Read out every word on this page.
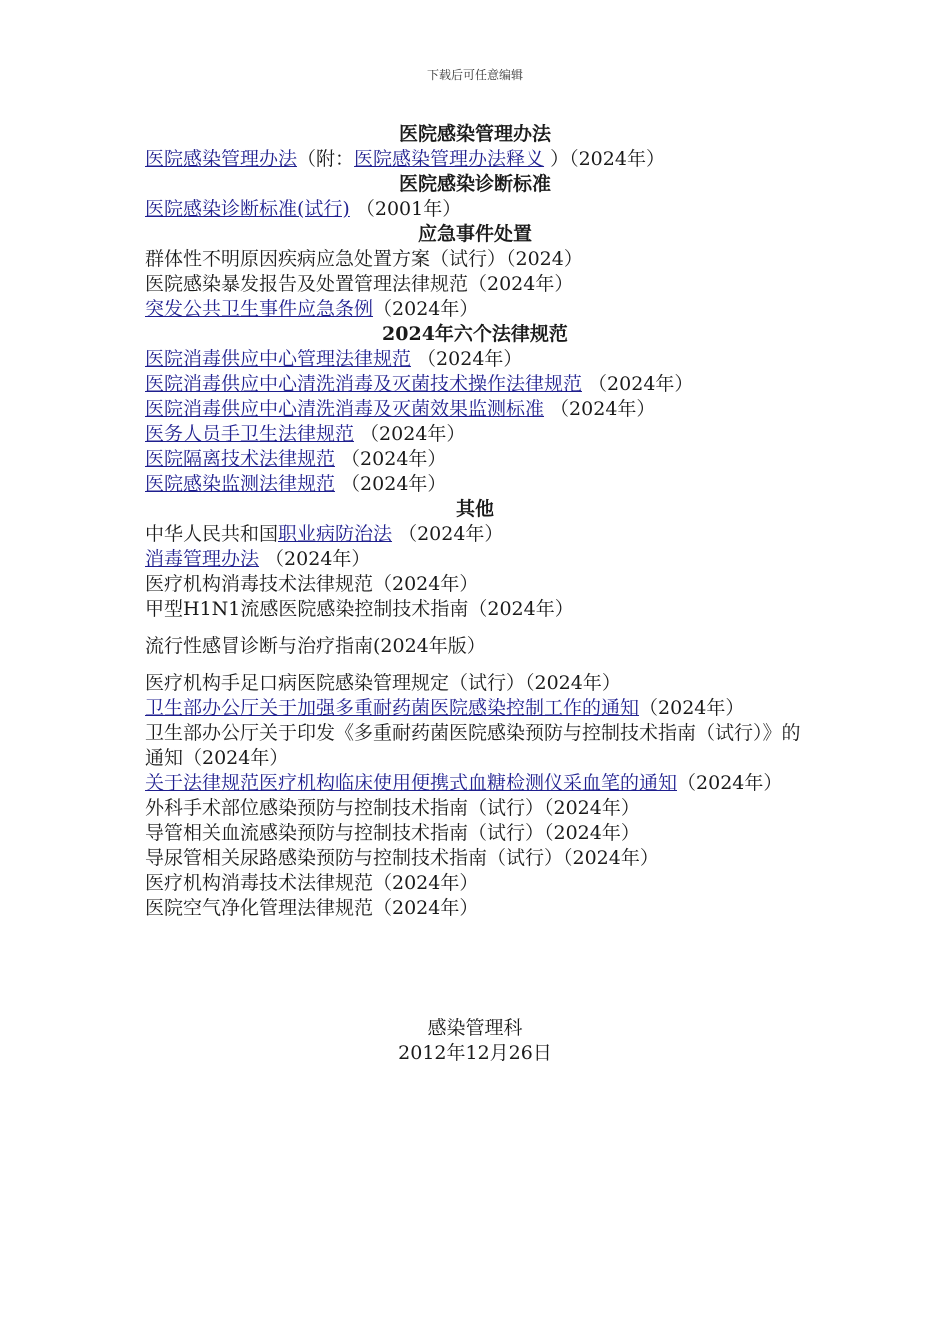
下载后可任意编辑
医院感染管理办法
医院感染管理办法（附：医院感染管理办法释义 ）（2024年）
医院感染诊断标准
医院感染诊断标准(试行) （2001年）
应急事件处置
群体性不明原因疾病应急处置方案（试行）（2024）
医院感染暴发报告及处置管理法律规范（2024年）
突发公共卫生事件应急条例（2024年）
2024年六个法律规范
医院消毒供应中心管理法律规范 （2024年）
医院消毒供应中心清洗消毒及灭菌技术操作法律规范 （2024年）
医院消毒供应中心清洗消毒及灭菌效果监测标准 （2024年）
医务人员手卫生法律规范 （2024年）
医院隔离技术法律规范 （2024年）
医院感染监测法律规范 （2024年）
其他
中华人民共和国职业病防治法 （2024年）
消毒管理办法 （2024年）
医疗机构消毒技术法律规范（2024年）
甲型H1N1流感医院感染控制技术指南（2024年）
流行性感冒诊断与治疗指南(2024年版）
医疗机构手足口病医院感染管理规定（试行）（2024年）
卫生部办公厅关于加强多重耐药菌医院感染控制工作的通知（2024年）
卫生部办公厅关于印发《多重耐药菌医院感染预防与控制技术指南（试行）》的通知（2024年）
关于法律规范医疗机构临床使用便携式血糖检测仪采血笔的通知（2024年）
外科手术部位感染预防与控制技术指南（试行）（2024年）
导管相关血流感染预防与控制技术指南（试行）（2024年）
导尿管相关尿路感染预防与控制技术指南（试行）（2024年）
医疗机构消毒技术法律规范（2024年）
医院空气净化管理法律规范（2024年）
感染管理科
2012年12月26日
